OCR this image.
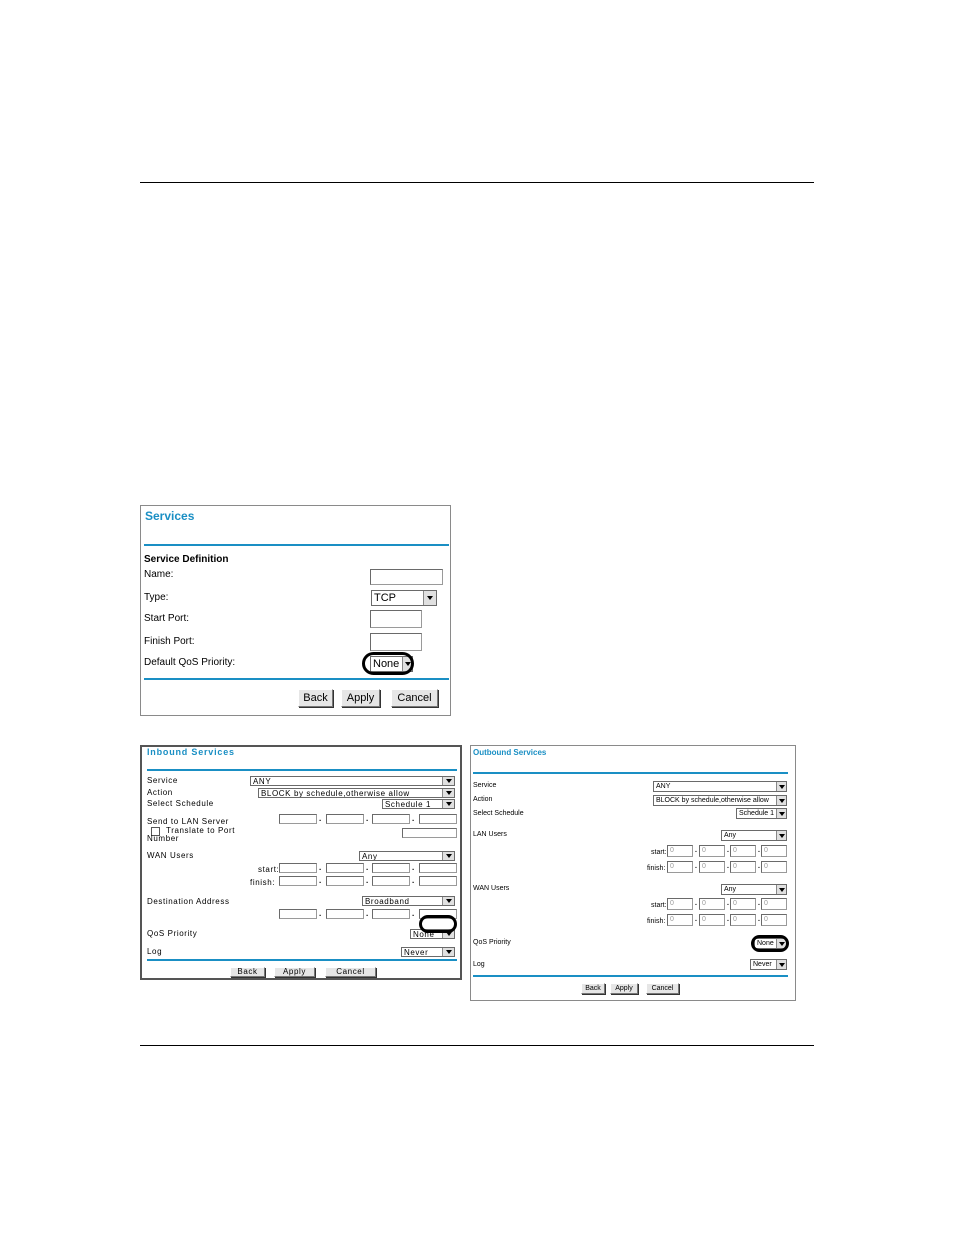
Services
Service Definition
Name:
Type:	TCP
Start Port:
Finish Port:
Default QoS Priority:	None
Back	Apply	Cancel
Inbound Services
Service	ANY
Action	BLOCK by schedule,otherwise allow
Select Schedule	Schedule 1
Send to LAN Server	.	.	.
Translate to Port
Number
WAN Users	Any
start:	.	.	.
finish:	.	.	.
Destination Address	Broadband
.	.	.
QoS Priority	None
Log	Never
Back	Apply	Cancel
Outbound Services
Service	ANY
Action	BLOCK by schedule,otherwise allow
Select Schedule	Schedule 1
LAN Users	Any
start: 0	. 0	. 0	. 0
finish: 0	. 0	. 0	. 0
WAN Users	Any
start: 0	. 0	. 0	. 0
finish: 0	. 0	. 0	. 0
QoS Priority	None
Log	Never
Back	Apply	Cancel
